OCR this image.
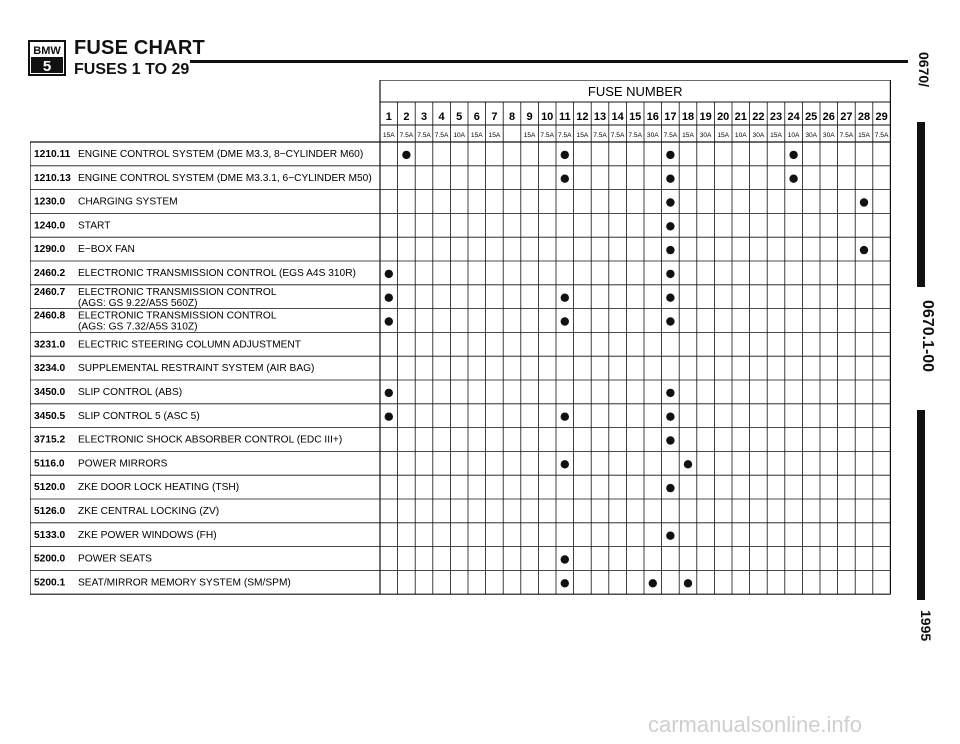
BMW
5
FUSE CHART
FUSES 1 TO 29	0670/
0670.1-00
1995
carmanualsonline.info
FUSE NUMBER
1
15A
2
7.5A
3
7.5A
4
7.5A
5
10A
6
15A
7
15A
8 9
15A
10
7.5A
11
7.5A
12
15A
13
7.5A
14
7.5A
15
7.5A
16
30A
17
7.5A
18
15A
19
30A
20
15A
21
10A
22
30A
23
15A
24
10A
25
30A
26
30A
27
7.5A
28
15A
29
7.5A
1210.11 ENGINE CONTROL SYSTEM (DME M3.3, 8−CYLINDER M60)
1210.13 ENGINE CONTROL SYSTEM (DME M3.3.1, 6−CYLINDER M50)
1230.0 CHARGING SYSTEM
1240.0 START
1290.0 E−BOX FAN
2460.2 ELECTRONIC TRANSMISSION CONTROL (EGS A4S 310R)
2460.7 ELECTRONIC TRANSMISSION CONTROL
(AGS: GS 9.22/A5S 560Z)
2460.8 ELECTRONIC TRANSMISSION CONTROL
(AGS: GS 7.32/A5S 310Z)
3231.0 ELECTRIC STEERING COLUMN ADJUSTMENT
3234.0 SUPPLEMENTAL RESTRAINT SYSTEM (AIR BAG)
3450.0 SLIP CONTROL (ABS)
3450.5 SLIP CONTROL 5 (ASC 5)
3715.2 ELECTRONIC SHOCK ABSORBER CONTROL (EDC III+)
5116.0 POWER MIRRORS
5120.0 ZKE DOOR LOCK HEATING (TSH)
5126.0 ZKE CENTRAL LOCKING (ZV)
5133.0 ZKE POWER WINDOWS (FH)
5200.0 POWER SEATS
5200.1 SEAT/MIRROR MEMORY SYSTEM (SM/SPM)
